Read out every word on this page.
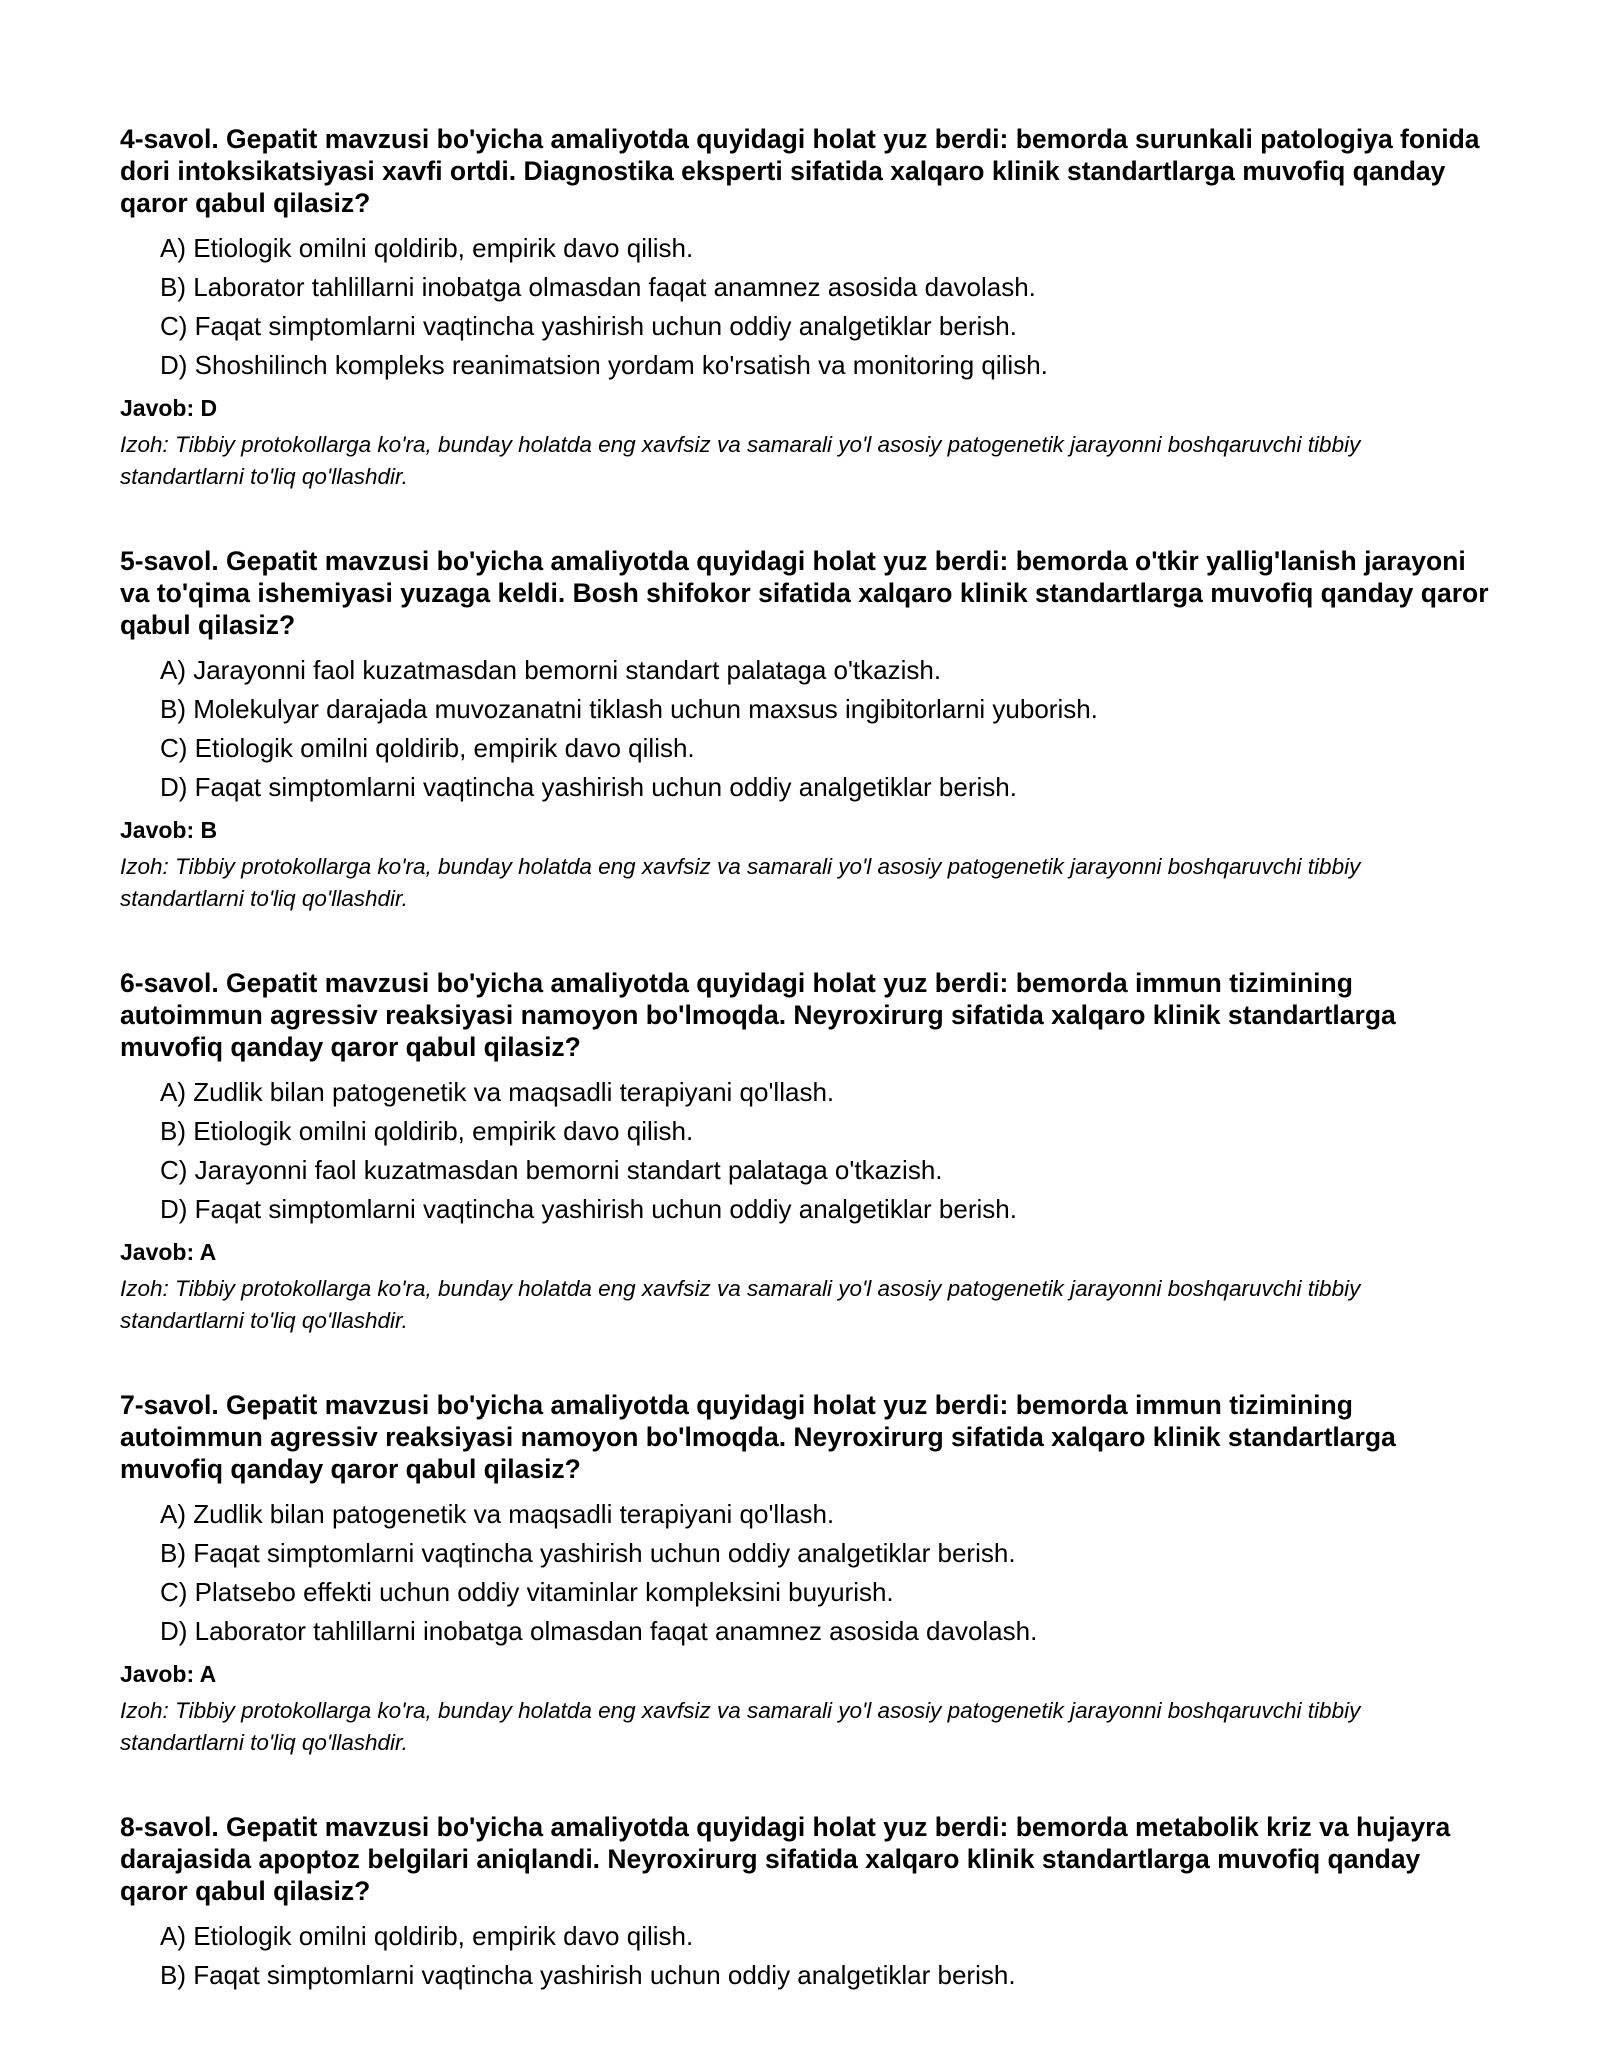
4-savol. Gepatit mavzusi bo'yicha amaliyotda quyidagi holat yuz berdi: bemorda surunkali patologiya fonida dori intoksikatsiyasi xavfi ortdi. Diagnostika eksperti sifatida xalqaro klinik standartlarga muvofiq qanday qaror qabul qilasiz?
A) Etiologik omilni qoldirib, empirik davo qilish.
B) Laborator tahlillarni inobatga olmasdan faqat anamnez asosida davolash.
C) Faqat simptomlarni vaqtincha yashirish uchun oddiy analgetiklar berish.
D) Shoshilinch kompleks reanimatsion yordam ko'rsatish va monitoring qilish.
Javob: D

Izoh: Tibbiy protokollarga ko'ra, bunday holatda eng xavfsiz va samarali yo'l asosiy patogenetik jarayonni boshqaruvchi tibbiy standartlarni to'liq qo'llashdir.

5-savol. Gepatit mavzusi bo'yicha amaliyotda quyidagi holat yuz berdi: bemorda o'tkir yallig'lanish jarayoni va to'qima ishemiyasi yuzaga keldi. Bosh shifokor sifatida xalqaro klinik standartlarga muvofiq qanday qaror qabul qilasiz?
A) Jarayonni faol kuzatmasdan bemorni standart palataga o'tkazish.
B) Molekulyar darajada muvozanatni tiklash uchun maxsus ingibitorlarni yuborish.
C) Etiologik omilni qoldirib, empirik davo qilish.
D) Faqat simptomlarni vaqtincha yashirish uchun oddiy analgetiklar berish.
Javob: B

Izoh: Tibbiy protokollarga ko'ra, bunday holatda eng xavfsiz va samarali yo'l asosiy patogenetik jarayonni boshqaruvchi tibbiy standartlarni to'liq qo'llashdir.

6-savol. Gepatit mavzusi bo'yicha amaliyotda quyidagi holat yuz berdi: bemorda immun tizimining autoimmun agressiv reaksiyasi namoyon bo'lmoqda. Neyroxirurg sifatida xalqaro klinik standartlarga muvofiq qanday qaror qabul qilasiz?
A) Zudlik bilan patogenetik va maqsadli terapiyani qo'llash.
B) Etiologik omilni qoldirib, empirik davo qilish.
C) Jarayonni faol kuzatmasdan bemorni standart palataga o'tkazish.
D) Faqat simptomlarni vaqtincha yashirish uchun oddiy analgetiklar berish.
Javob: A

Izoh: Tibbiy protokollarga ko'ra, bunday holatda eng xavfsiz va samarali yo'l asosiy patogenetik jarayonni boshqaruvchi tibbiy standartlarni to'liq qo'llashdir.

7-savol. Gepatit mavzusi bo'yicha amaliyotda quyidagi holat yuz berdi: bemorda immun tizimining autoimmun agressiv reaksiyasi namoyon bo'lmoqda. Neyroxirurg sifatida xalqaro klinik standartlarga muvofiq qanday qaror qabul qilasiz?
A) Zudlik bilan patogenetik va maqsadli terapiyani qo'llash.
B) Faqat simptomlarni vaqtincha yashirish uchun oddiy analgetiklar berish.
C) Platsebo effekti uchun oddiy vitaminlar kompleksini buyurish.
D) Laborator tahlillarni inobatga olmasdan faqat anamnez asosida davolash.
Javob: A

Izoh: Tibbiy protokollarga ko'ra, bunday holatda eng xavfsiz va samarali yo'l asosiy patogenetik jarayonni boshqaruvchi tibbiy standartlarni to'liq qo'llashdir.

8-savol. Gepatit mavzusi bo'yicha amaliyotda quyidagi holat yuz berdi: bemorda metabolik kriz va hujayra darajasida apoptoz belgilari aniqlandi. Neyroxirurg sifatida xalqaro klinik standartlarga muvofiq qanday qaror qabul qilasiz?
A) Etiologik omilni qoldirib, empirik davo qilish.
B) Faqat simptomlarni vaqtincha yashirish uchun oddiy analgetiklar berish.
